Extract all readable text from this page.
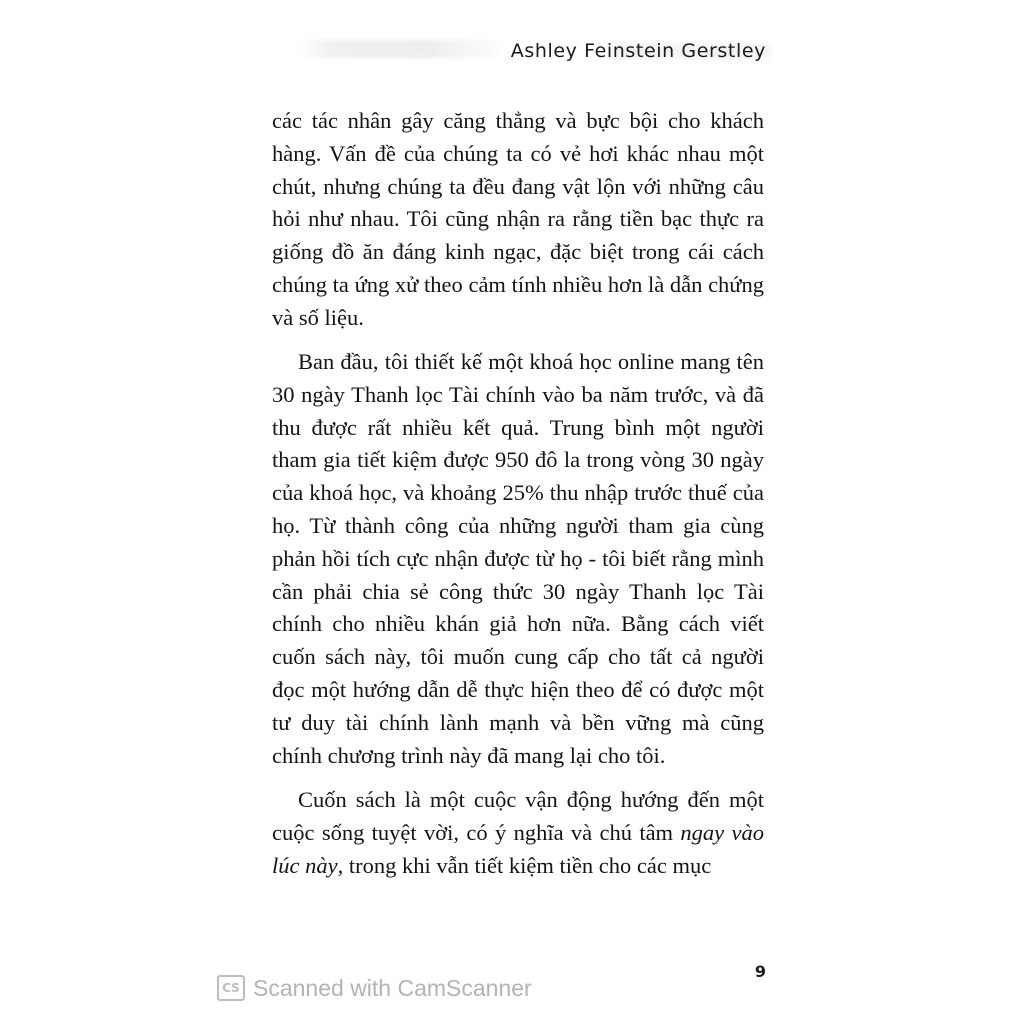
Ashley Feinstein Gerstley

các tác nhân gây căng thẳng và bực bội cho khách hàng. Vấn đề của chúng ta có vẻ hơi khác nhau một chút, nhưng chúng ta đều đang vật lộn với những câu hỏi như nhau. Tôi cũng nhận ra rằng tiền bạc thực ra giống đồ ăn đáng kinh ngạc, đặc biệt trong cái cách chúng ta ứng xử theo cảm tính nhiều hơn là dẫn chứng và số liệu.

Ban đầu, tôi thiết kế một khoá học online mang tên 30 ngày Thanh lọc Tài chính vào ba năm trước, và đã thu được rất nhiều kết quả. Trung bình một người tham gia tiết kiệm được 950 đô la trong vòng 30 ngày của khoá học, và khoảng 25% thu nhập trước thuế của họ. Từ thành công của những người tham gia cùng phản hồi tích cực nhận được từ họ - tôi biết rằng mình cần phải chia sẻ công thức 30 ngày Thanh lọc Tài chính cho nhiều khán giả hơn nữa. Bằng cách viết cuốn sách này, tôi muốn cung cấp cho tất cả người đọc một hướng dẫn dễ thực hiện theo để có được một tư duy tài chính lành mạnh và bền vững mà cũng chính chương trình này đã mang lại cho tôi.

Cuốn sách là một cuộc vận động hướng đến một cuộc sống tuyệt vời, có ý nghĩa và chú tâm ngay vào lúc này, trong khi vẫn tiết kiệm tiền cho các mục

9
CS Scanned with CamScanner
